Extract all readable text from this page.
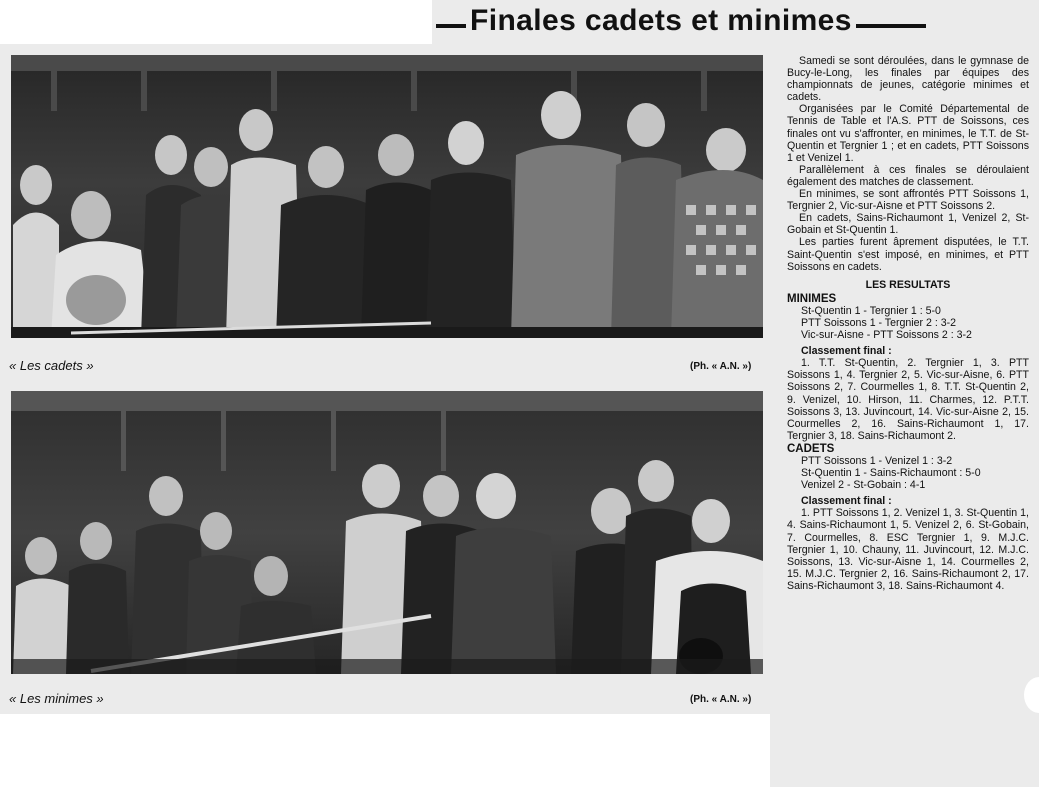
Finales cadets et minimes
« Les cadets »	(Ph. « A.N. »)
« Les minimes »	(Ph. « A.N. »)

Samedi se sont déroulées, dans le gymnase de Bucy-le-Long, les finales par équipes des championnats de jeunes, catégorie minimes et cadets.

Organisées par le Comité Départemental de Tennis de Table et l'A.S. PTT de Soissons, ces finales ont vu s'affronter, en minimes, le T.T. de St-Quentin et Tergnier 1 ; et en cadets, PTT Soissons 1 et Venizel 1.

Parallèlement à ces finales se déroulaient également des matches de classement.

En minimes, se sont affrontés PTT Soissons 1, Tergnier 2, Vic-sur-Aisne et PTT Soissons 2.

En cadets, Sains-Richaumont 1, Venizel 2, St-Gobain et St-Quentin 1.

Les parties furent âprement disputées, le T.T. Saint-Quentin s'est imposé, en minimes, et PTT Soissons en cadets.

LES RESULTATS
MINIMES

St-Quentin 1 - Tergnier 1 : 5-0

PTT Soissons 1 - Tergnier 2 : 3-2

Vic-sur-Aisne - PTT Soissons 2 : 3-2

Classement final :

1. T.T. St-Quentin, 2. Tergnier 1, 3. PTT Soissons 1, 4. Tergnier 2, 5. Vic-sur-Aisne, 6. PTT Soissons 2, 7. Courmelles 1, 8. T.T. St-Quentin 2, 9. Venizel, 10. Hirson, 11. Charmes, 12. P.T.T. Soissons 3, 13. Juvincourt, 14. Vic-sur-Aisne 2, 15. Courmelles 2, 16. Sains-Richaumont 1, 17. Tergnier 3, 18. Sains-Richaumont 2.

CADETS

PTT Soissons 1 - Venizel 1 : 3-2

St-Quentin 1 - Sains-Richaumont : 5-0

Venizel 2 - St-Gobain : 4-1

Classement final :

1. PTT Soissons 1, 2. Venizel 1, 3. St-Quentin 1, 4. Sains-Richaumont 1, 5. Venizel 2, 6. St-Gobain, 7. Courmelles, 8. ESC Tergnier 1, 9. M.J.C. Tergnier 1, 10. Chauny, 11. Juvincourt, 12. M.J.C. Soissons, 13. Vic-sur-Aisne 1, 14. Courmelles 2, 15. M.J.C. Tergnier 2, 16. Sains-Richaumont 2, 17. Sains-Richaumont 3, 18. Sains-Richaumont 4.
